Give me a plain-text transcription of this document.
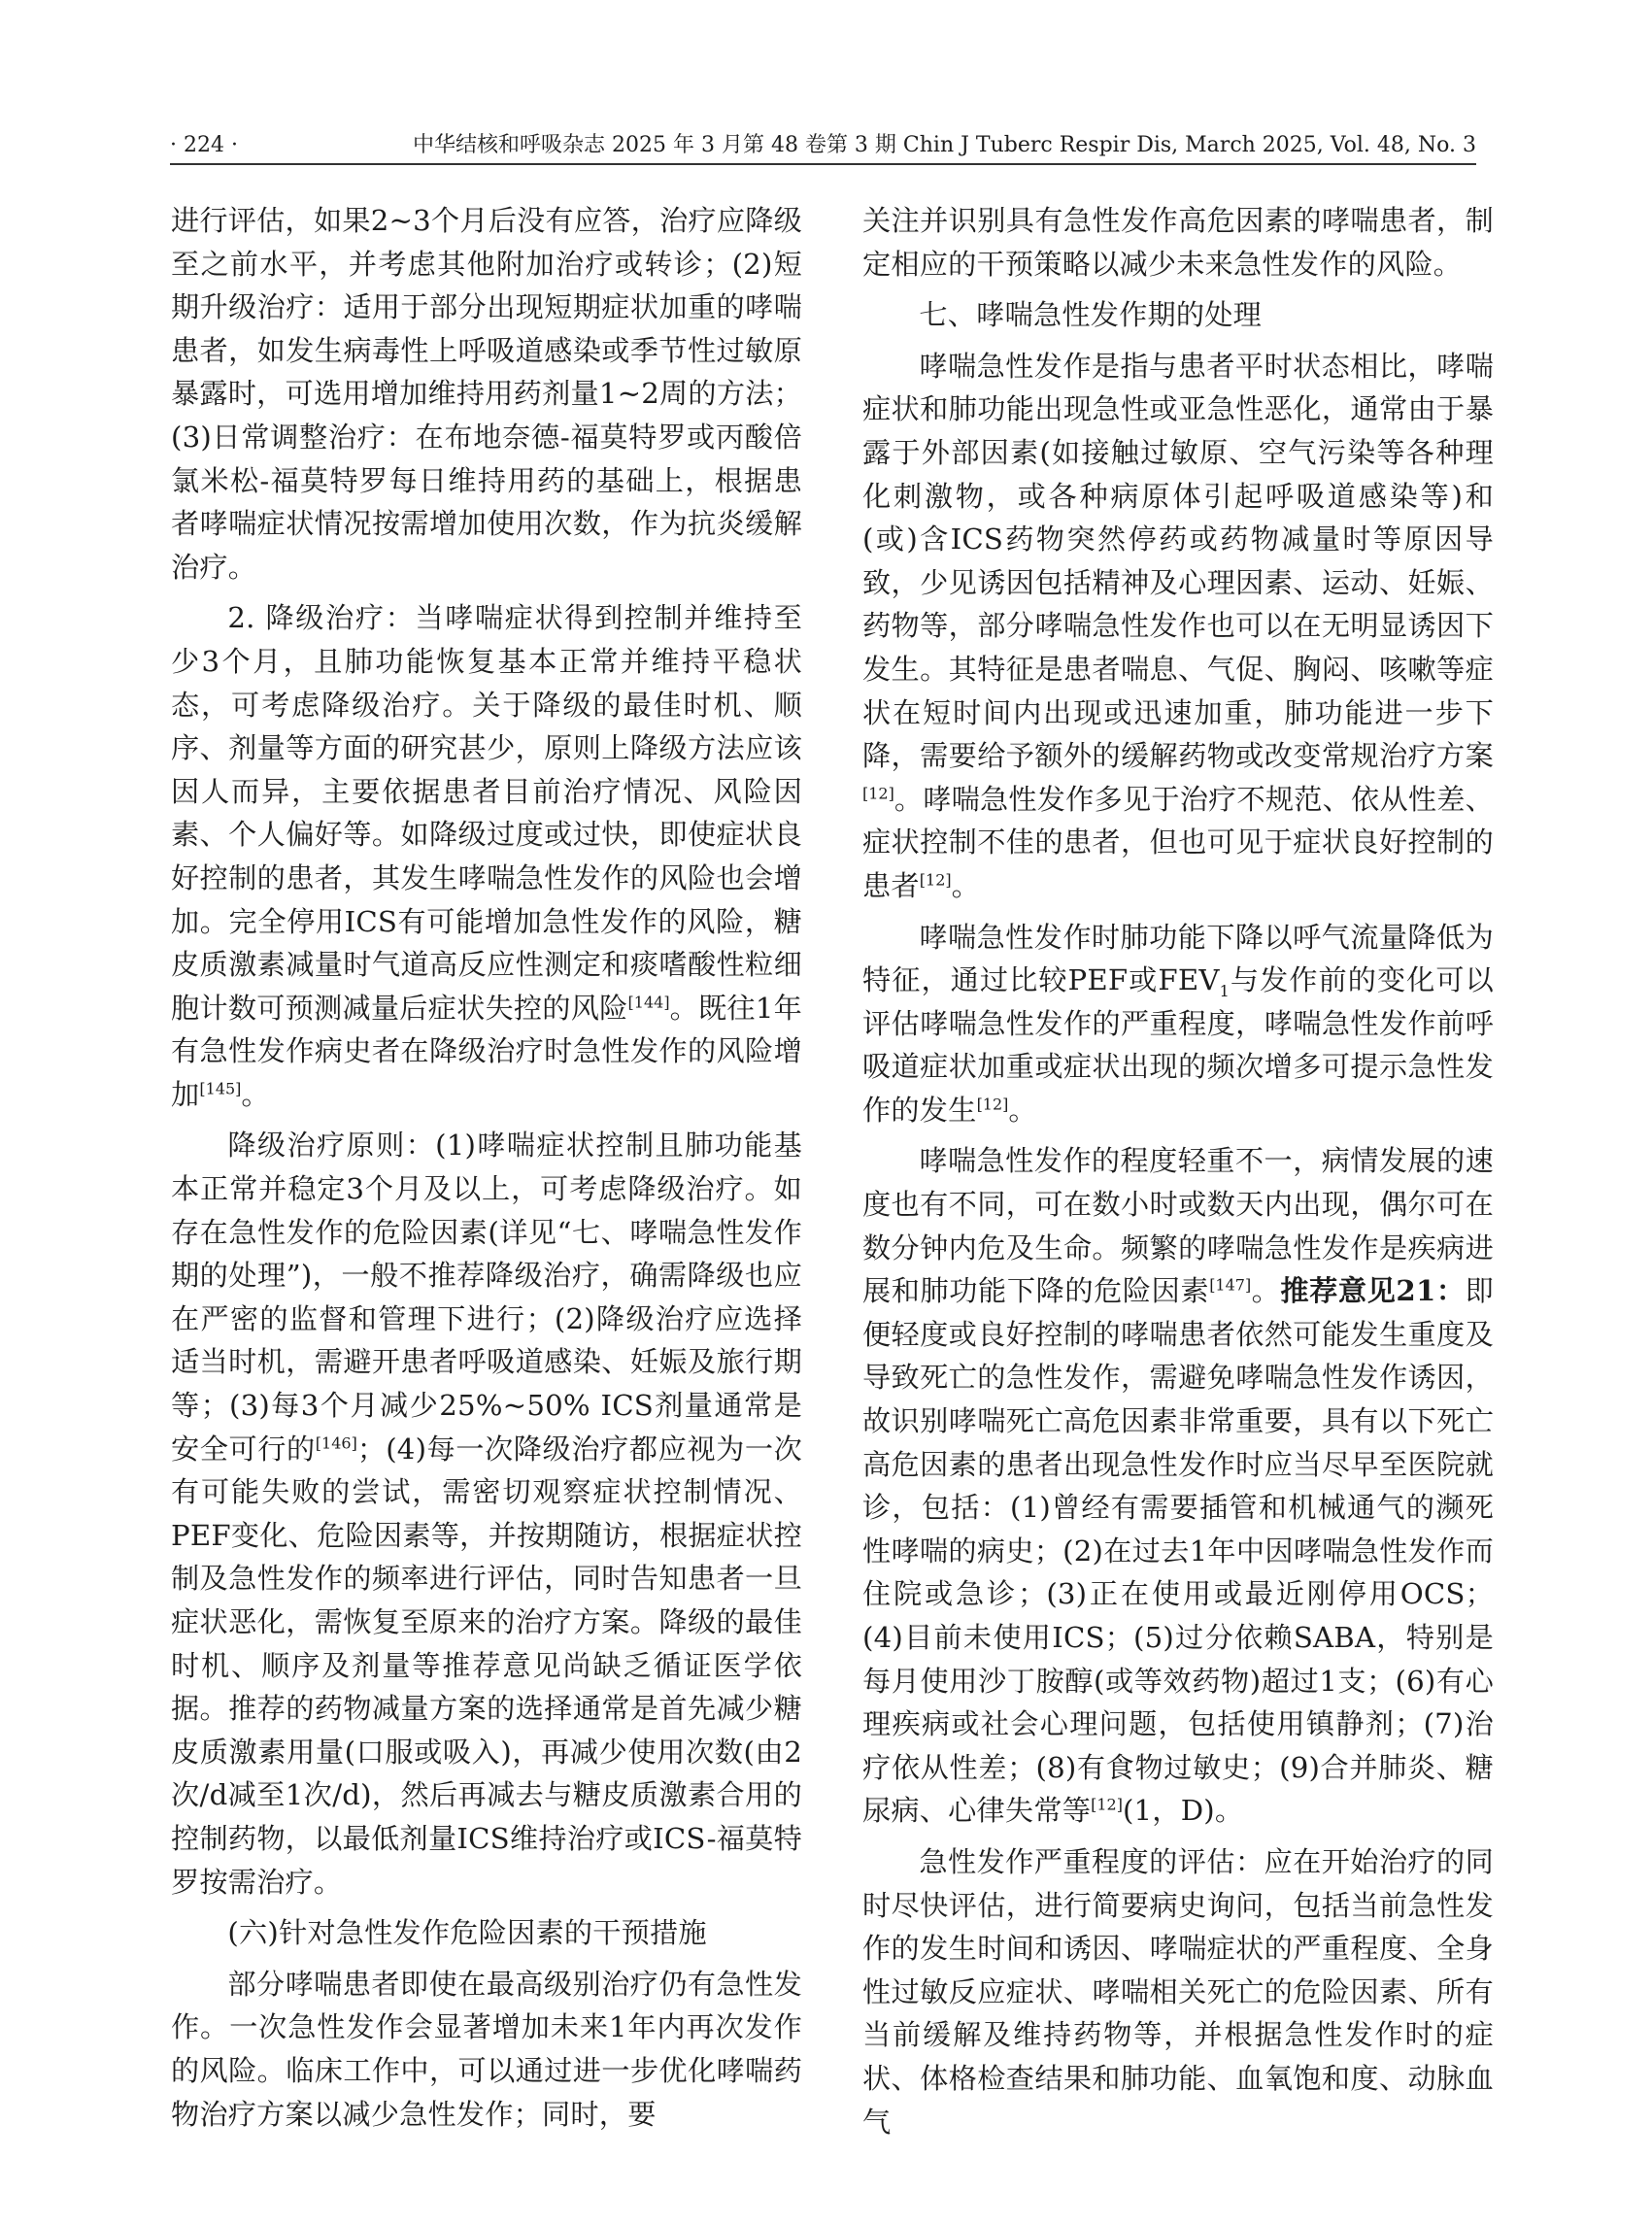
· 224 ·	中华结核和呼吸杂志 2025 年 3 月第 48 卷第 3 期 Chin J Tuberc Respir Dis, March 2025, Vol. 48, No. 3

进行评估，如果2~3个月后没有应答，治疗应降级至之前水平，并考虑其他附加治疗或转诊；(2)短期升级治疗：适用于部分出现短期症状加重的哮喘患者，如发生病毒性上呼吸道感染或季节性过敏原暴露时，可选用增加维持用药剂量1~2周的方法；(3)日常调整治疗：在布地奈德-福莫特罗或丙酸倍氯米松-福莫特罗每日维持用药的基础上，根据患者哮喘症状情况按需增加使用次数，作为抗炎缓解治疗。

2. 降级治疗：当哮喘症状得到控制并维持至少3个月，且肺功能恢复基本正常并维持平稳状态，可考虑降级治疗。关于降级的最佳时机、顺序、剂量等方面的研究甚少，原则上降级方法应该因人而异，主要依据患者目前治疗情况、风险因素、个人偏好等。如降级过度或过快，即使症状良好控制的患者，其发生哮喘急性发作的风险也会增加。完全停用ICS有可能增加急性发作的风险，糖皮质激素减量时气道高反应性测定和痰嗜酸性粒细胞计数可预测减量后症状失控的风险[144]。既往1年有急性发作病史者在降级治疗时急性发作的风险增加[145]。

降级治疗原则：(1)哮喘症状控制且肺功能基本正常并稳定3个月及以上，可考虑降级治疗。如存在急性发作的危险因素(详见“七、哮喘急性发作期的处理”)，一般不推荐降级治疗，确需降级也应在严密的监督和管理下进行；(2)降级治疗应选择适当时机，需避开患者呼吸道感染、妊娠及旅行期等；(3)每3个月减少25%~50% ICS剂量通常是安全可行的[146]；(4)每一次降级治疗都应视为一次有可能失败的尝试，需密切观察症状控制情况、PEF变化、危险因素等，并按期随访，根据症状控制及急性发作的频率进行评估，同时告知患者一旦症状恶化，需恢复至原来的治疗方案。降级的最佳时机、顺序及剂量等推荐意见尚缺乏循证医学依据。推荐的药物减量方案的选择通常是首先减少糖皮质激素用量(口服或吸入)，再减少使用次数(由2次/d减至1次/d)，然后再减去与糖皮质激素合用的控制药物，以最低剂量ICS维持治疗或ICS-福莫特罗按需治疗。

(六)针对急性发作危险因素的干预措施

部分哮喘患者即使在最高级别治疗仍有急性发作。一次急性发作会显著增加未来1年内再次发作的风险。临床工作中，可以通过进一步优化哮喘药物治疗方案以减少急性发作；同时，要

关注并识别具有急性发作高危因素的哮喘患者，制定相应的干预策略以减少未来急性发作的风险。

七、哮喘急性发作期的处理

哮喘急性发作是指与患者平时状态相比，哮喘症状和肺功能出现急性或亚急性恶化，通常由于暴露于外部因素(如接触过敏原、空气污染等各种理化刺激物，或各种病原体引起呼吸道感染等)和(或)含ICS药物突然停药或药物减量时等原因导致，少见诱因包括精神及心理因素、运动、妊娠、药物等，部分哮喘急性发作也可以在无明显诱因下发生。其特征是患者喘息、气促、胸闷、咳嗽等症状在短时间内出现或迅速加重，肺功能进一步下降，需要给予额外的缓解药物或改变常规治疗方案[12]。哮喘急性发作多见于治疗不规范、依从性差、症状控制不佳的患者，但也可见于症状良好控制的患者[12]。

哮喘急性发作时肺功能下降以呼气流量降低为特征，通过比较PEF或$FEV_1$与发作前的变化可以评估哮喘急性发作的严重程度，哮喘急性发作前呼吸道症状加重或症状出现的频次增多可提示急性发作的发生[12]。

哮喘急性发作的程度轻重不一，病情发展的速度也有不同，可在数小时或数天内出现，偶尔可在数分钟内危及生命。频繁的哮喘急性发作是疾病进展和肺功能下降的危险因素[147]。推荐意见21：即便轻度或良好控制的哮喘患者依然可能发生重度及导致死亡的急性发作，需避免哮喘急性发作诱因，故识别哮喘死亡高危因素非常重要，具有以下死亡高危因素的患者出现急性发作时应当尽早至医院就诊，包括：(1)曾经有需要插管和机械通气的濒死性哮喘的病史；(2)在过去1年中因哮喘急性发作而住院或急诊；(3)正在使用或最近刚停用OCS；(4)目前未使用ICS；(5)过分依赖SABA，特别是每月使用沙丁胺醇(或等效药物)超过1支；(6)有心理疾病或社会心理问题，包括使用镇静剂；(7)治疗依从性差；(8)有食物过敏史；(9)合并肺炎、糖尿病、心律失常等[12](1，D)。

急性发作严重程度的评估：应在开始治疗的同时尽快评估，进行简要病史询问，包括当前急性发作的发生时间和诱因、哮喘症状的严重程度、全身性过敏反应症状、哮喘相关死亡的危险因素、所有当前缓解及维持药物等，并根据急性发作时的症状、体格检查结果和肺功能、血氧饱和度、动脉血气
